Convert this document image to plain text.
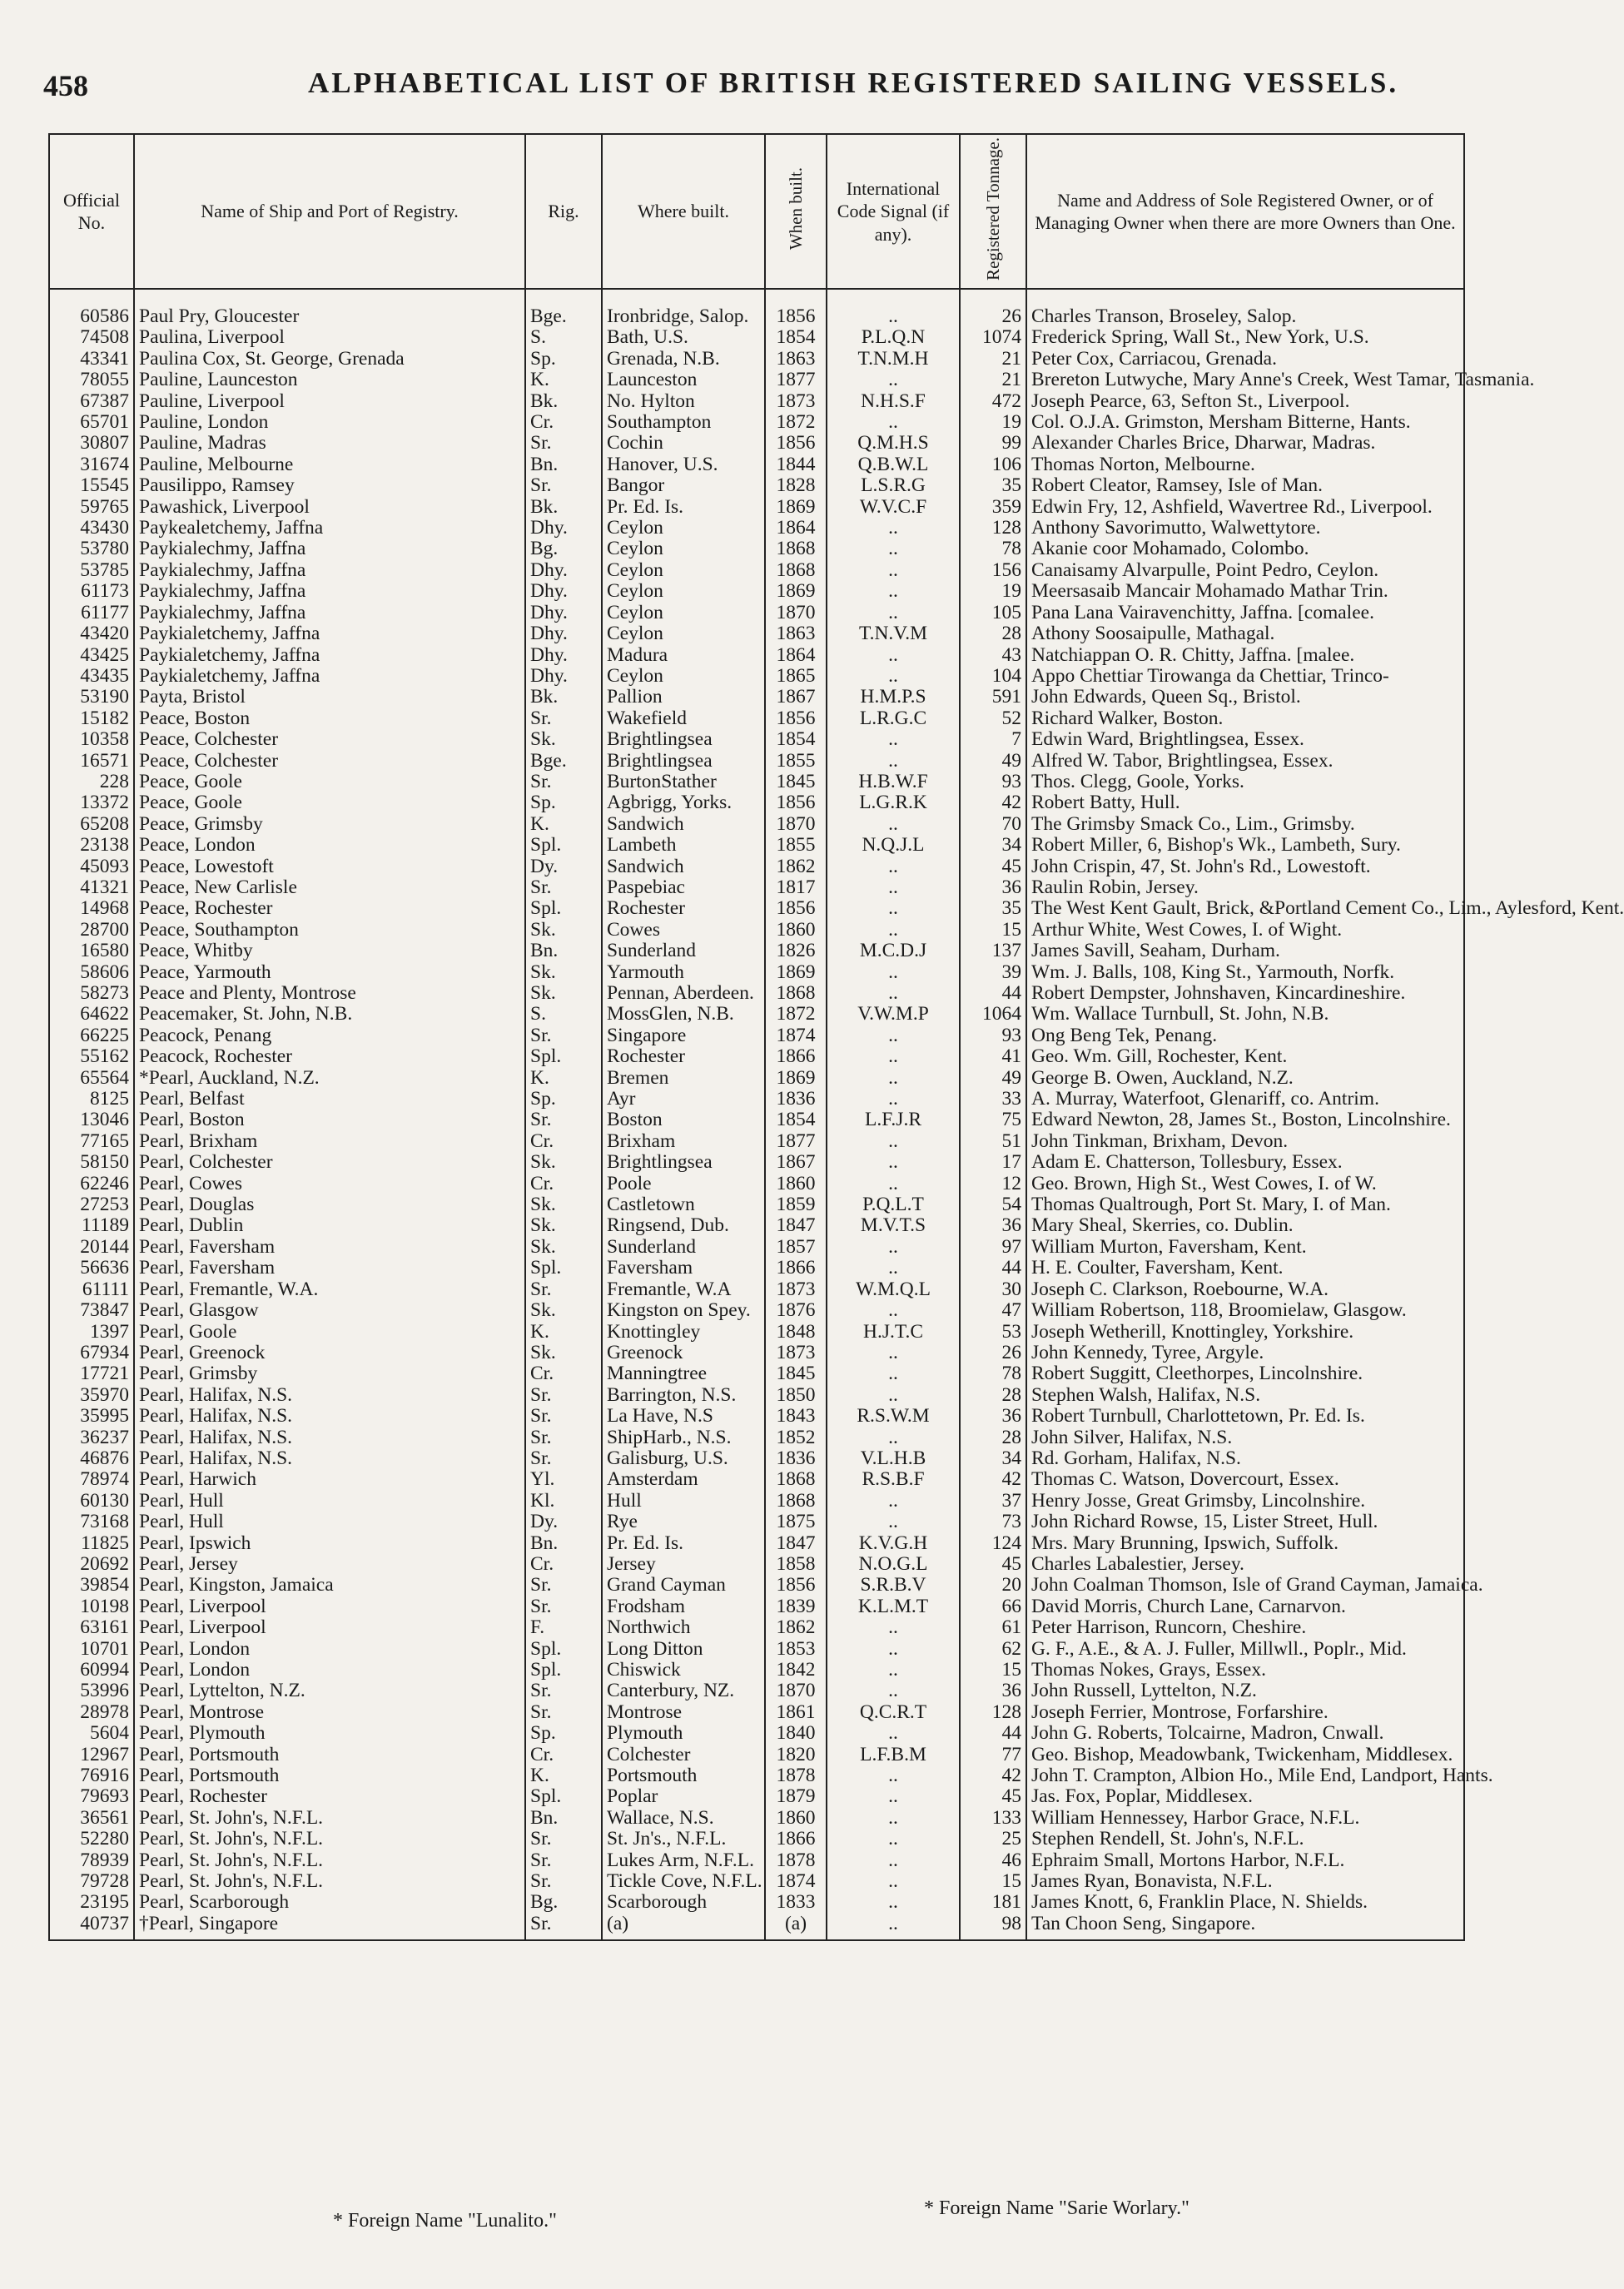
458	ALPHABETICAL LIST OF BRITISH REGISTERED SAILING VESSELS.
Official No.	Name of Ship and Port of Registry.	Rig.	Where built.	When built.	International Code Signal (if any).	Registered Tonnage.	Name and Address of Sole Registered Owner, or of Managing Owner when there are more Owners than One.
60586	Paul Pry, Gloucester	Bge.	Ironbridge, Salop.	1856	..	26	Charles Transon, Broseley, Salop.
74508	Paulina, Liverpool	S.	Bath, U.S.	1854	P.L.Q.N	1074	Frederick Spring, Wall St., New York, U.S.
43341	Paulina Cox, St. George, Grenada	Sp.	Grenada, N.B.	1863	T.N.M.H	21	Peter Cox, Carriacou, Grenada.
78055	Pauline, Launceston	K.	Launceston	1877	..	21	Brereton Lutwyche, Mary Anne's Creek, West Tamar, Tasmania.
67387	Pauline, Liverpool	Bk.	No. Hylton	1873	N.H.S.F	472	Joseph Pearce, 63, Sefton St., Liverpool.
65701	Pauline, London	Cr.	Southampton	1872	..	19	Col. O.J.A. Grimston, Mersham Bitterne, Hants.
30807	Pauline, Madras	Sr.	Cochin	1856	Q.M.H.S	99	Alexander Charles Brice, Dharwar, Madras.
31674	Pauline, Melbourne	Bn.	Hanover, U.S.	1844	Q.B.W.L	106	Thomas Norton, Melbourne.
15545	Pausilippo, Ramsey	Sr.	Bangor	1828	L.S.R.G	35	Robert Cleator, Ramsey, Isle of Man.
59765	Pawashick, Liverpool	Bk.	Pr. Ed. Is.	1869	W.V.C.F	359	Edwin Fry, 12, Ashfield, Wavertree Rd., Liverpool.
43430	Paykealetchemy, Jaffna	Dhy.	Ceylon	1864	..	128	Anthony Savorimutto, Walwettytore.
53780	Paykialechmy, Jaffna	Bg.	Ceylon	1868	..	78	Akanie coor Mohamado, Colombo.
53785	Paykialechmy, Jaffna	Dhy.	Ceylon	1868	..	156	Canaisamy Alvarpulle, Point Pedro, Ceylon.
61173	Paykialechmy, Jaffna	Dhy.	Ceylon	1869	..	19	Meersasaib Mancair Mohamado Mathar Trin.
61177	Paykialechmy, Jaffna	Dhy.	Ceylon	1870	..	105	Pana Lana Vairavenchitty, Jaffna. [comalee.
43420	Paykialetchemy, Jaffna	Dhy.	Ceylon	1863	T.N.V.M	28	Athony Soosaipulle, Mathagal.
43425	Paykialetchemy, Jaffna	Dhy.	Madura	1864	..	43	Natchiappan O. R. Chitty, Jaffna. [malee.
43435	Paykialetchemy, Jaffna	Dhy.	Ceylon	1865	..	104	Appo Chettiar Tirowanga da Chettiar, Trinco-
53190	Payta, Bristol	Bk.	Pallion	1867	H.M.P.S	591	John Edwards, Queen Sq., Bristol.
15182	Peace, Boston	Sr.	Wakefield	1856	L.R.G.C	52	Richard Walker, Boston.
10358	Peace, Colchester	Sk.	Brightlingsea	1854	..	7	Edwin Ward, Brightlingsea, Essex.
16571	Peace, Colchester	Bge.	Brightlingsea	1855	..	49	Alfred W. Tabor, Brightlingsea, Essex.
228	Peace, Goole	Sr.	BurtonStather	1845	H.B.W.F	93	Thos. Clegg, Goole, Yorks.
13372	Peace, Goole	Sp.	Agbrigg, Yorks.	1856	L.G.R.K	42	Robert Batty, Hull.
65208	Peace, Grimsby	K.	Sandwich	1870	..	70	The Grimsby Smack Co., Lim., Grimsby.
23138	Peace, London	Spl.	Lambeth	1855	N.Q.J.L	34	Robert Miller, 6, Bishop's Wk., Lambeth, Sury.
45093	Peace, Lowestoft	Dy.	Sandwich	1862	..	45	John Crispin, 47, St. John's Rd., Lowestoft.
41321	Peace, New Carlisle	Sr.	Paspebiac	1817	..	36	Raulin Robin, Jersey.
14968	Peace, Rochester	Spl.	Rochester	1856	..	35	The West Kent Gault, Brick, &Portland Cement Co., Lim., Aylesford, Kent.
28700	Peace, Southampton	Sk.	Cowes	1860	..	15	Arthur White, West Cowes, I. of Wight.
16580	Peace, Whitby	Bn.	Sunderland	1826	M.C.D.J	137	James Savill, Seaham, Durham.
58606	Peace, Yarmouth	Sk.	Yarmouth	1869	..	39	Wm. J. Balls, 108, King St., Yarmouth, Norfk.
58273	Peace and Plenty, Montrose	Sk.	Pennan, Aberdeen.	1868	..	44	Robert Dempster, Johnshaven, Kincardineshire.
64622	Peacemaker, St. John, N.B.	S.	MossGlen, N.B.	1872	V.W.M.P	1064	Wm. Wallace Turnbull, St. John, N.B.
66225	Peacock, Penang	Sr.	Singapore	1874	..	93	Ong Beng Tek, Penang.
55162	Peacock, Rochester	Spl.	Rochester	1866	..	41	Geo. Wm. Gill, Rochester, Kent.
65564	*Pearl, Auckland, N.Z.	K.	Bremen	1869	..	49	George B. Owen, Auckland, N.Z.
8125	Pearl, Belfast	Sp.	Ayr	1836	..	33	A. Murray, Waterfoot, Glenariff, co. Antrim.
13046	Pearl, Boston	Sr.	Boston	1854	L.F.J.R	75	Edward Newton, 28, James St., Boston, Lincolnshire.
77165	Pearl, Brixham	Cr.	Brixham	1877	..	51	John Tinkman, Brixham, Devon.
58150	Pearl, Colchester	Sk.	Brightlingsea	1867	..	17	Adam E. Chatterson, Tollesbury, Essex.
62246	Pearl, Cowes	Cr.	Poole	1860	..	12	Geo. Brown, High St., West Cowes, I. of W.
27253	Pearl, Douglas	Sk.	Castletown	1859	P.Q.L.T	54	Thomas Qualtrough, Port St. Mary, I. of Man.
11189	Pearl, Dublin	Sk.	Ringsend, Dub.	1847	M.V.T.S	36	Mary Sheal, Skerries, co. Dublin.
20144	Pearl, Faversham	Sk.	Sunderland	1857	..	97	William Murton, Faversham, Kent.
56636	Pearl, Faversham	Spl.	Faversham	1866	..	44	H. E. Coulter, Faversham, Kent.
61111	Pearl, Fremantle, W.A.	Sr.	Fremantle, W.A	1873	W.M.Q.L	30	Joseph C. Clarkson, Roebourne, W.A.
73847	Pearl, Glasgow	Sk.	Kingston on Spey.	1876	..	47	William Robertson, 118, Broomielaw, Glasgow.
1397	Pearl, Goole	K.	Knottingley	1848	H.J.T.C	53	Joseph Wetherill, Knottingley, Yorkshire.
67934	Pearl, Greenock	Sk.	Greenock	1873	..	26	John Kennedy, Tyree, Argyle.
17721	Pearl, Grimsby	Cr.	Manningtree	1845	..	78	Robert Suggitt, Cleethorpes, Lincolnshire.
35970	Pearl, Halifax, N.S.	Sr.	Barrington, N.S.	1850	..	28	Stephen Walsh, Halifax, N.S.
35995	Pearl, Halifax, N.S.	Sr.	La Have, N.S	1843	R.S.W.M	36	Robert Turnbull, Charlottetown, Pr. Ed. Is.
36237	Pearl, Halifax, N.S.	Sr.	ShipHarb., N.S.	1852	..	28	John Silver, Halifax, N.S.
46876	Pearl, Halifax, N.S.	Sr.	Galisburg, U.S.	1836	V.L.H.B	34	Rd. Gorham, Halifax, N.S.
78974	Pearl, Harwich	Yl.	Amsterdam	1868	R.S.B.F	42	Thomas C. Watson, Dovercourt, Essex.
60130	Pearl, Hull	Kl.	Hull	1868	..	37	Henry Josse, Great Grimsby, Lincolnshire.
73168	Pearl, Hull	Dy.	Rye	1875	..	73	John Richard Rowse, 15, Lister Street, Hull.
11825	Pearl, Ipswich	Bn.	Pr. Ed. Is.	1847	K.V.G.H	124	Mrs. Mary Brunning, Ipswich, Suffolk.
20692	Pearl, Jersey	Cr.	Jersey	1858	N.O.G.L	45	Charles Labalestier, Jersey.
39854	Pearl, Kingston, Jamaica	Sr.	Grand Cayman	1856	S.R.B.V	20	John Coalman Thomson, Isle of Grand Cayman, Jamaica.
10198	Pearl, Liverpool	Sr.	Frodsham	1839	K.L.M.T	66	David Morris, Church Lane, Carnarvon.
63161	Pearl, Liverpool	F.	Northwich	1862	..	61	Peter Harrison, Runcorn, Cheshire.
10701	Pearl, London	Spl.	Long Ditton	1853	..	62	G. F., A.E., & A. J. Fuller, Millwll., Poplr., Mid.
60994	Pearl, London	Spl.	Chiswick	1842	..	15	Thomas Nokes, Grays, Essex.
53996	Pearl, Lyttelton, N.Z.	Sr.	Canterbury, NZ.	1870	..	36	John Russell, Lyttelton, N.Z.
28978	Pearl, Montrose	Sr.	Montrose	1861	Q.C.R.T	128	Joseph Ferrier, Montrose, Forfarshire.
5604	Pearl, Plymouth	Sp.	Plymouth	1840	..	44	John G. Roberts, Tolcairne, Madron, Cnwall.
12967	Pearl, Portsmouth	Cr.	Colchester	1820	L.F.B.M	77	Geo. Bishop, Meadowbank, Twickenham, Middlesex.
76916	Pearl, Portsmouth	K.	Portsmouth	1878	..	42	John T. Crampton, Albion Ho., Mile End, Landport, Hants.
79693	Pearl, Rochester	Spl.	Poplar	1879	..	45	Jas. Fox, Poplar, Middlesex.
36561	Pearl, St. John's, N.F.L.	Bn.	Wallace, N.S.	1860	..	133	William Hennessey, Harbor Grace, N.F.L.
52280	Pearl, St. John's, N.F.L.	Sr.	St. Jn's., N.F.L.	1866	..	25	Stephen Rendell, St. John's, N.F.L.
78939	Pearl, St. John's, N.F.L.	Sr.	Lukes Arm, N.F.L.	1878	..	46	Ephraim Small, Mortons Harbor, N.F.L.
79728	Pearl, St. John's, N.F.L.	Sr.	Tickle Cove, N.F.L.	1874	..	15	James Ryan, Bonavista, N.F.L.
23195	Pearl, Scarborough	Bg.	Scarborough	1833	..	181	James Knott, 6, Franklin Place, N. Shields.
40737	†Pearl, Singapore	Sr.	(a)	(a)	..	98	Tan Choon Seng, Singapore.
* Foreign Name "Lunalito."
* Foreign Name "Sarie Worlary."
